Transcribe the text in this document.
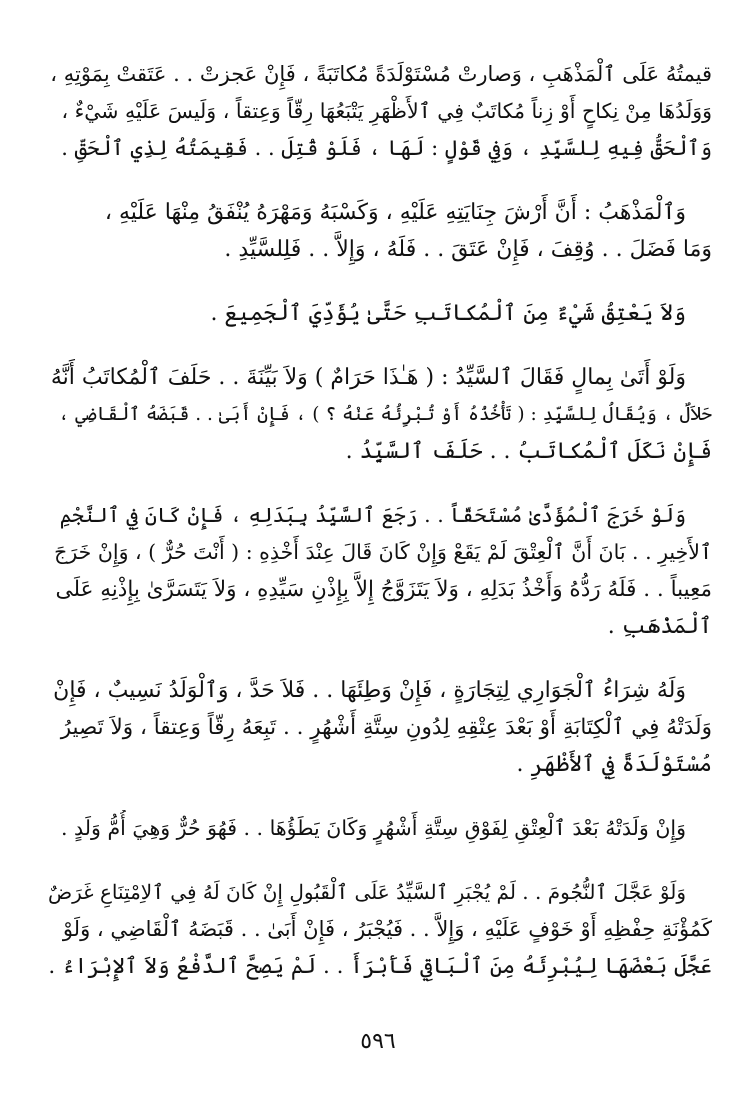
قيمتُهُ عَلَى ٱلْمَذْهَبِ ، وَصارتْ مُسْتَوْلَدَةً مُكاتَبَةً ، فَإِنْ عَجزتْ . . عَتَقتْ بِمَوْتِهِ ،
وَوَلَدُهَا مِنْ نِكاحٍ أَوْ زِناً مُكاتَبٌ فِي ٱلأَظْهَرِ يَتْبَعُهَا رِقّاً وَعِتقاً ، وَلَيسَ عَلَيْهِ شَيْءٌ ،
وَٱلْحَقُّ فِيهِ لِلسَّيِّدِ ، وَفِي قَوْلٍ : لَهَا ، فَلَوْ قُتِلَ . . فَقِيمَتُهُ لِذِي ٱلْحَقِّ .
وَٱلْمَذْهَبُ : أَنَّ أَرْشَ جِنَايَتِهِ عَلَيْهِ ، وَكَسْبَهُ وَمَهْرَهُ يُنْفَقُ مِنْهَا عَلَيْهِ ،
وَمَا فَضَلَ . . وُقِفَ ، فَإِنْ عَتَقَ . . فَلَهُ ، وَإِلاَّ . . فَلِلسَّيِّدِ .
وَلاَ يَعْتِقُ شَيْءٌ مِنَ ٱلْمُكاتَبِ حَتَّىٰ يُؤَدِّيَ ٱلْجَمِيعَ .
وَلَوْ أَتَىٰ بِمالٍ فَقَالَ ٱلسَّيِّدُ : ( هَـٰذَا حَرَامٌ ) وَلاَ بَيِّنَةَ . . حَلَفَ ٱلْمُكاتَبُ أَنَّهُ
حَلاَلٌ ، وَيُقَالُ لِلسَّيِّدِ : ( تَأْخُذُهُ أَوْ تُبْرِئُهُ عَنْهُ ؟ ) ، فَإِنْ أَبَىٰ . . قَبَضَهُ ٱلْقَاضِي ،
فَإِنْ نَكَلَ ٱلْمُكاتَبُ . . حَلَفَ ٱلسَّيِّدُ .
وَلَوْ خَرَجَ ٱلْمُؤَدَّىٰ مُسْتَحَقّاً . . رَجَعَ ٱلسَّيِّدُ بِبَدَلِهِ ، فَإِنْ كَانَ فِي ٱلنَّجْمِ
ٱلأَخِيرِ . . بَانَ أَنَّ ٱلْعِتْقَ لَمْ يَقَعْ وَإِنْ كَانَ قَالَ عِنْدَ أَخْذِهِ : ( أَنْتَ حُرٌّ ) ، وَإِنْ خَرَجَ
مَعِيباً . . فَلَهُ رَدُّهُ وَأَخْذُ بَدَلِهِ ، وَلاَ يَتَزَوَّجُ إِلاَّ بِإِذْنِ سَيِّدِهِ ، وَلاَ يَتَسَرَّىٰ بِإِذْنِهِ عَلَى
ٱلْمَذْهَبِ .
وَلَهُ شِرَاءُ ٱلْجَوَارِي لِتِجَارَةٍ ، فَإِنْ وَطِئَهَا . . فَلاَ حَدَّ ، وَٱلْوَلَدُ نَسِيبٌ ، فَإِنْ
وَلَدَتْهُ فِي ٱلْكِتَابَةِ أَوْ بَعْدَ عِتْقِهِ لِدُونِ سِتَّةِ أَشْهُرٍ . . تَبِعَهُ رِقّاً وَعِتقاً ، وَلاَ تَصِيرُ
مُسْتَوْلَدَةً فِي ٱلأَظْهَرِ .
وَإِنْ وَلَدَتْهُ بَعْدَ ٱلْعِتْقِ لِفَوْقِ سِتَّةِ أَشْهُرٍ وَكَانَ يَطَؤُهَا . . فَهُوَ حُرٌّ وَهِيَ أُمُّ وَلَدٍ .
وَلَوْ عَجَّلَ ٱلنُّجُومَ . . لَمْ يُجْبَرِ ٱلسَّيِّدُ عَلَى ٱلْقَبُولِ إِنْ كَانَ لَهُ فِي ٱلاِمْتِنَاعِ غَرَضٌ
كَمُؤْنَةِ حِفْظِهِ أَوْ خَوْفٍ عَلَيْهِ ، وَإِلاَّ . . فَيُجْبَرُ ، فَإِنْ أَبَىٰ . . قَبَضَهُ ٱلْقَاضِي ، وَلَوْ
عَجَّلَ بَعْضَهَا لِيُبْرِئَهُ مِنَ ٱلْبَاقِي فَأَبْرَأَ . . لَمْ يَصِحَّ ٱلدَّفْعُ وَلاَ ٱلإِبْرَاءُ .
٥٩٦
